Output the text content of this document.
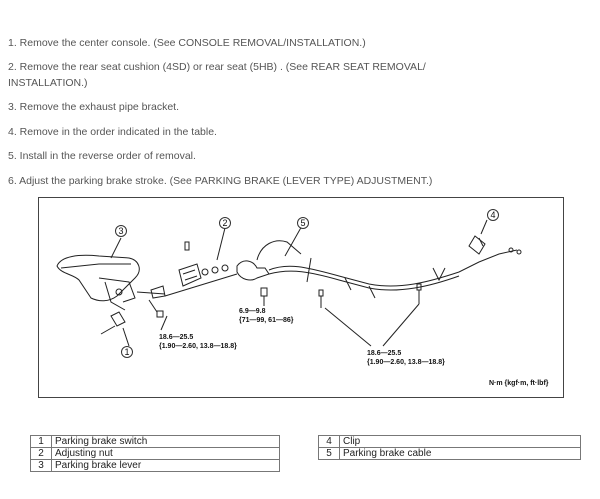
1. Remove the center console. (See CONSOLE REMOVAL/INSTALLATION.)

2. Remove the rear seat cushion (4SD) or rear seat (5HB) . (See REAR SEAT REMOVAL/ INSTALLATION.)

3. Remove the exhaust pipe bracket.

4. Remove in the order indicated in the table.

5. Install in the reverse order of removal.

6. Adjust the parking brake stroke. (See PARKING BRAKE (LEVER TYPE) ADJUSTMENT.)

3
2	5
4
1
18.6—25.5
{1.90—2.60, 13.8—18.8}
6.9—9.8
{71—99, 61—86}
18.6—25.5
{1.90—2.60, 13.8—18.8}
N·m {kgf·m, ft·lbf}
1	Parking brake switch
2	Adjusting nut
3	Parking brake lever
4	Clip
5	Parking brake cable
